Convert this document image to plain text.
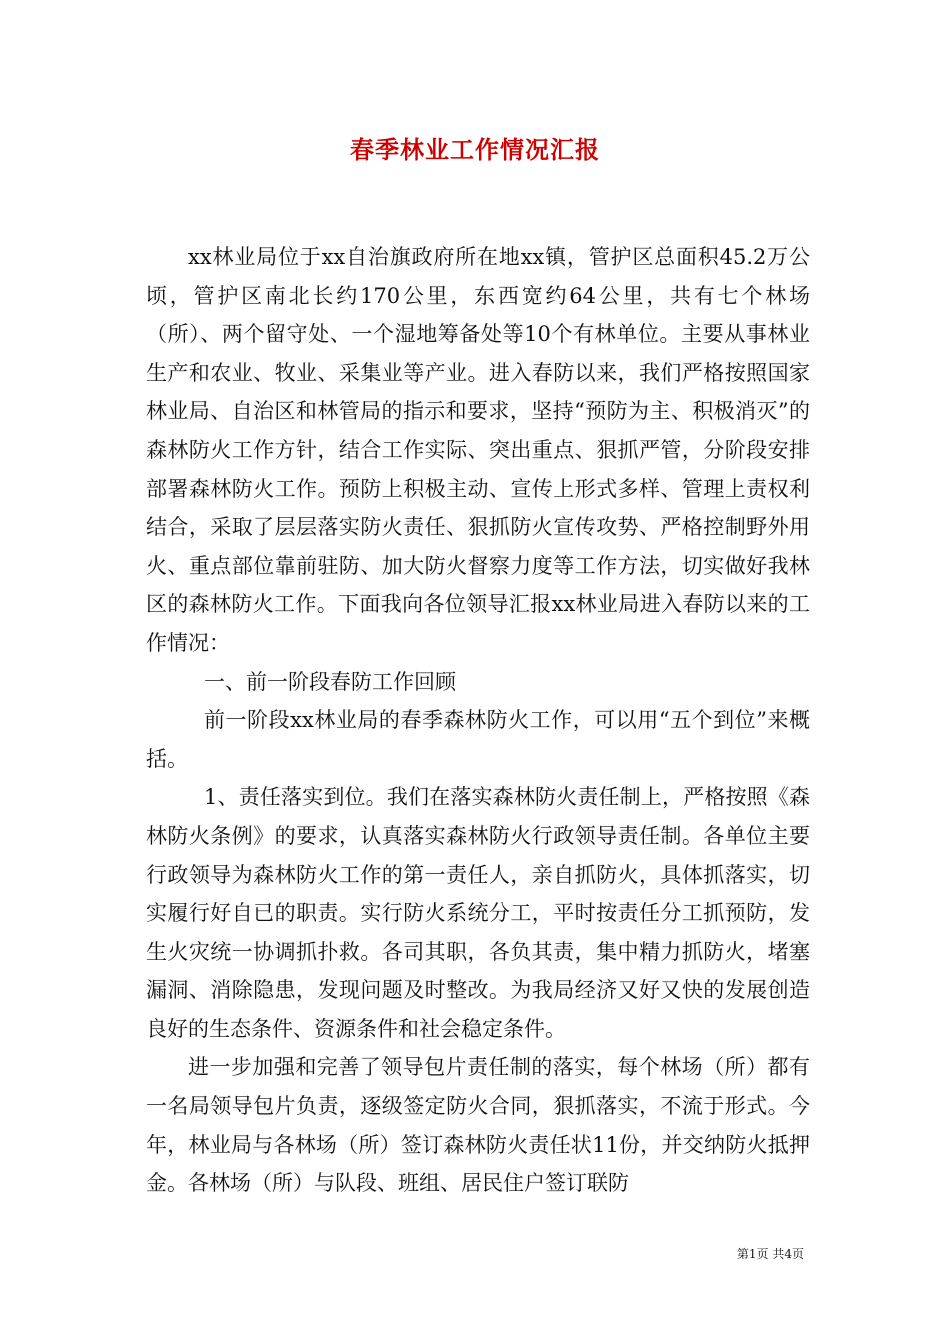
春季林业工作情况汇报

xx林业局位于xx自治旗政府所在地xx镇，管护区总面积45.2万公顷，管护区南北长约170公里，东西宽约64公里，共有七个林场（所）、两个留守处、一个湿地筹备处等10个有林单位。主要从事林业生产和农业、牧业、采集业等产业。进入春防以来，我们严格按照国家林业局、自治区和林管局的指示和要求，坚持“预防为主、积极消灭”的森林防火工作方针，结合工作实际、突出重点、狠抓严管，分阶段安排部署森林防火工作。预防上积极主动、宣传上形式多样、管理上责权利结合，采取了层层落实防火责任、狠抓防火宣传攻势、严格控制野外用火、重点部位靠前驻防、加大防火督察力度等工作方法，切实做好我林区的森林防火工作。下面我向各位领导汇报xx林业局进入春防以来的工作情况：

一、前一阶段春防工作回顾

前一阶段xx林业局的春季森林防火工作，可以用“五个到位”来概括。

1、责任落实到位。我们在落实森林防火责任制上，严格按照《森林防火条例》的要求，认真落实森林防火行政领导责任制。各单位主要行政领导为森林防火工作的第一责任人，亲自抓防火，具体抓落实，切实履行好自已的职责。实行防火系统分工，平时按责任分工抓预防，发生火灾统一协调抓扑救。各司其职，各负其责，集中精力抓防火，堵塞漏洞、消除隐患，发现问题及时整改。为我局经济又好又快的发展创造良好的生态条件、资源条件和社会稳定条件。

进一步加强和完善了领导包片责任制的落实，每个林场（所）都有一名局领导包片负责，逐级签定防火合同，狠抓落实，不流于形式。今年，林业局与各林场（所）签订森林防火责任状11份，并交纳防火抵押金。各林场（所）与队段、班组、居民住户签订联防

第1页 共4页
